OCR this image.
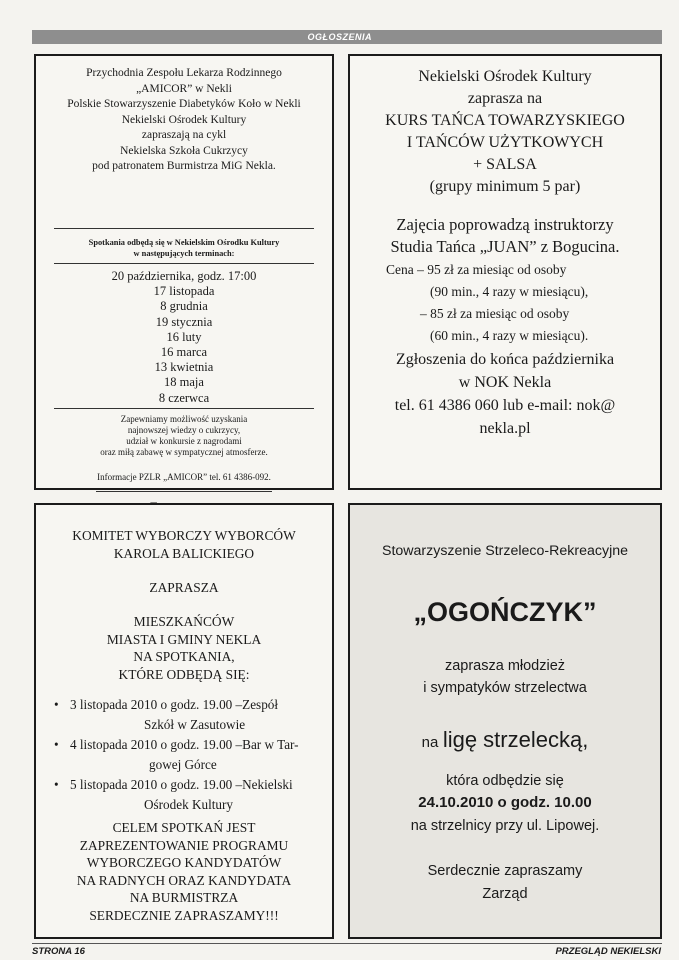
OGŁOSZENIA
Przychodnia Zespołu Lekarza Rodzinnego
„AMICOR” w Nekli
Polskie Stowarzyszenie Diabetyków Koło w Nekli
Nekielski Ośrodek Kultury
zapraszają na cykl
Nekielska Szkoła Cukrzycy
pod patronatem Burmistrza MiG Nekla.
Spotkania odbędą się w Nekielskim Ośrodku Kultury
w następujących terminach:
20 października, godz. 17:00
17 listopada
8 grudnia
19 stycznia
16 luty
16 marca
13 kwietnia
18 maja
8 czerwca
Zapewniamy możliwość uzyskania
najnowszej wiedzy o cukrzycy,
udział w konkursie z nagrodami
oraz miłą zabawę w sympatycznej atmosferze.
Informacje PZLR „AMICOR” tel. 61 4386-092.
Nekielski Ośrodek Kultury
zaprasza na
KURS TAŃCA TOWARZYSKIEGO
I TAŃCÓW UŻYTKOWYCH
+ SALSA
(grupy minimum 5 par)
Zajęcia poprowadzą instruktorzy
Studia Tańca „JUAN” z Bogucina.
Cena – 95 zł za miesiąc od osoby
(90 min., 4 razy w miesiącu),
– 85 zł za miesiąc od osoby
(60 min., 4 razy w miesiącu).
Zgłoszenia do końca października
w NOK Nekla
tel. 61 4386 060 lub e-mail: nok@
nekla.pl
KOMITET WYBORCZY WYBORCÓW
KAROLA BALICKIEGO
ZAPRASZA
MIESZKAŃCÓW
MIASTA I GMINY NEKLA
NA SPOTKANIA,
KTÓRE ODBĘDĄ SIĘ:
CELEM SPOTKAŃ JEST
ZAPREZENTOWANIE PROGRAMU
WYBORCZEGO KANDYDATÓW
NA RADNYCH ORAZ KANDYDATA
NA BURMISTRZA
SERDECZNIE ZAPRASZAMY!!!
• 3 listopada 2010 o godz. 19.00 –Zespół
Szkół w Zasutowie
• 4 listopada 2010 o godz. 19.00 –Bar w Tar-
gowej Górce
• 5 listopada 2010 o godz. 19.00 –Nekielski
Ośrodek Kultury
Stowarzyszenie Strzeleco-Rekreacyjne
„OGOŃCZYK”
zaprasza młodzież
i sympatyków strzelectwa
na ligę strzelecką,
która odbędzie się
24.10.2010 o godz. 10.00
na strzelnicy przy ul. Lipowej.
Serdecznie zapraszamy
Zarząd
STRONA 16	PRZEGLĄD NEKIELSKI
